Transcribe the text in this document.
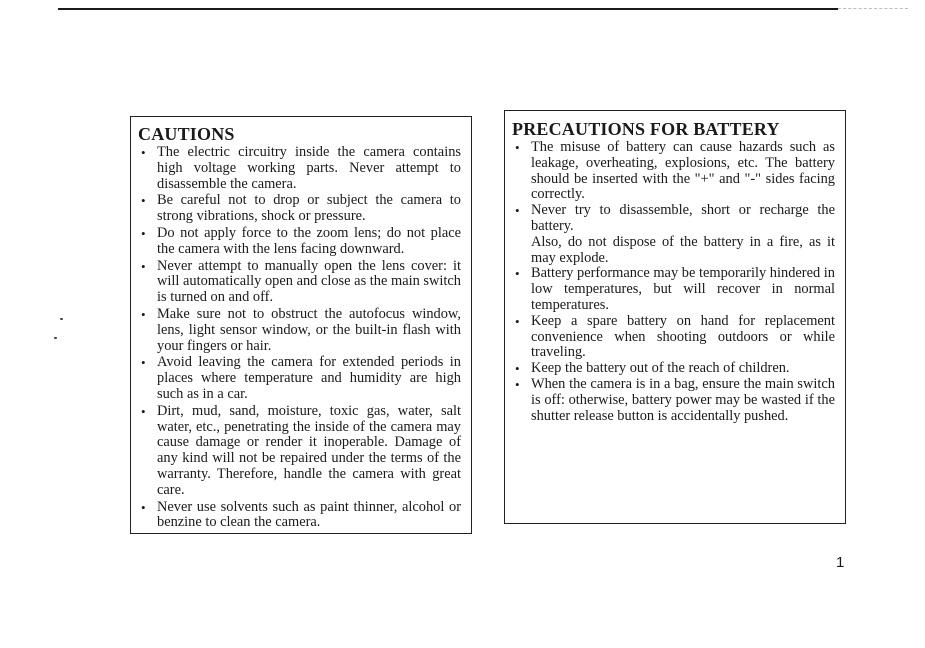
CAUTIONS
• The electric circuitry inside the camera contains high voltage working parts. Never attempt to disassemble the camera.
• Be careful not to drop or subject the camera to strong vibrations, shock or pressure.
• Do not apply force to the zoom lens; do not place the camera with the lens facing downward.
• Never attempt to manually open the lens cover: it will automatically open and close as the main switch is turned on and off.
• Make sure not to obstruct the autofocus window, lens, light sensor window, or the built-in flash with your fingers or hair.
• Avoid leaving the camera for extended periods in places where temperature and humidity are high such as in a car.
• Dirt, mud, sand, moisture, toxic gas, water, salt water, etc., penetrating the inside of the camera may cause damage or render it inoperable. Damage of any kind will not be repaired under the terms of the warranty. Therefore, handle the camera with great care.
• Never use solvents such as paint thinner, alcohol or benzine to clean the camera.
PRECAUTIONS FOR BATTERY
• The misuse of battery can cause hazards such as leakage, overheating, explosions, etc. The battery should be inserted with the "+" and "-" sides facing correctly.
• Never try to disassemble, short or recharge the battery.
Also, do not dispose of the battery in a fire, as it may explode.
• Battery performance may be temporarily hindered in low temperatures, but will recover in normal temperatures.
• Keep a spare battery on hand for replacement convenience when shooting outdoors or while traveling.
• Keep the battery out of the reach of children.
• When the camera is in a bag, ensure the main switch is off: otherwise, battery power may be wasted if the shutter release button is accidentally pushed.
1
